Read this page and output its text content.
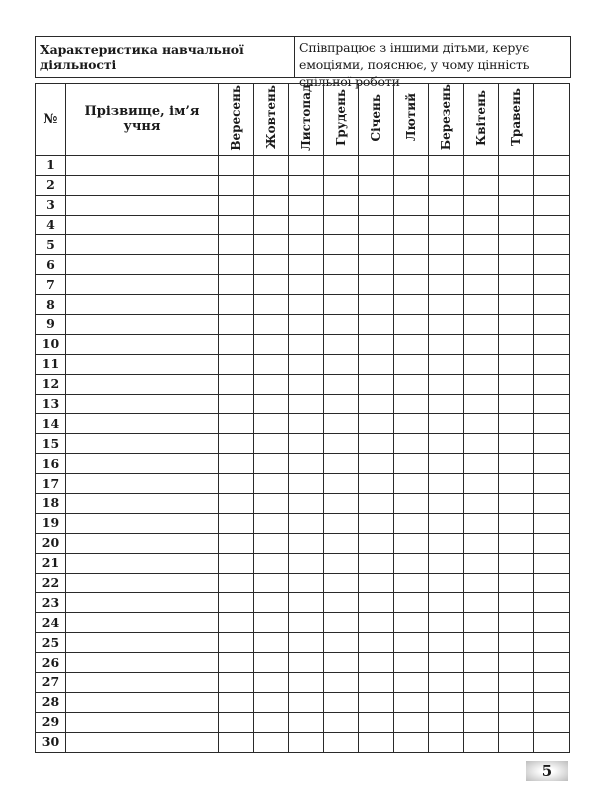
Характеристика навчальної діяльності
Співпрацює з іншими дітьми, керує емоціями, пояснює, у чому цінність спільної роботи
№	Прізвище, ім’я учня	Вересень	Жовтень	Листопад	Грудень	Січень	Лютий	Березень	Квітень	Травень	
1											
2											
3											
4											
5											
6											
7											
8											
9											
10											
11											
12											
13											
14											
15											
16											
17											
18											
19											
20											
21											
22											
23											
24											
25											
26											
27											
28											
29											
30											
5
